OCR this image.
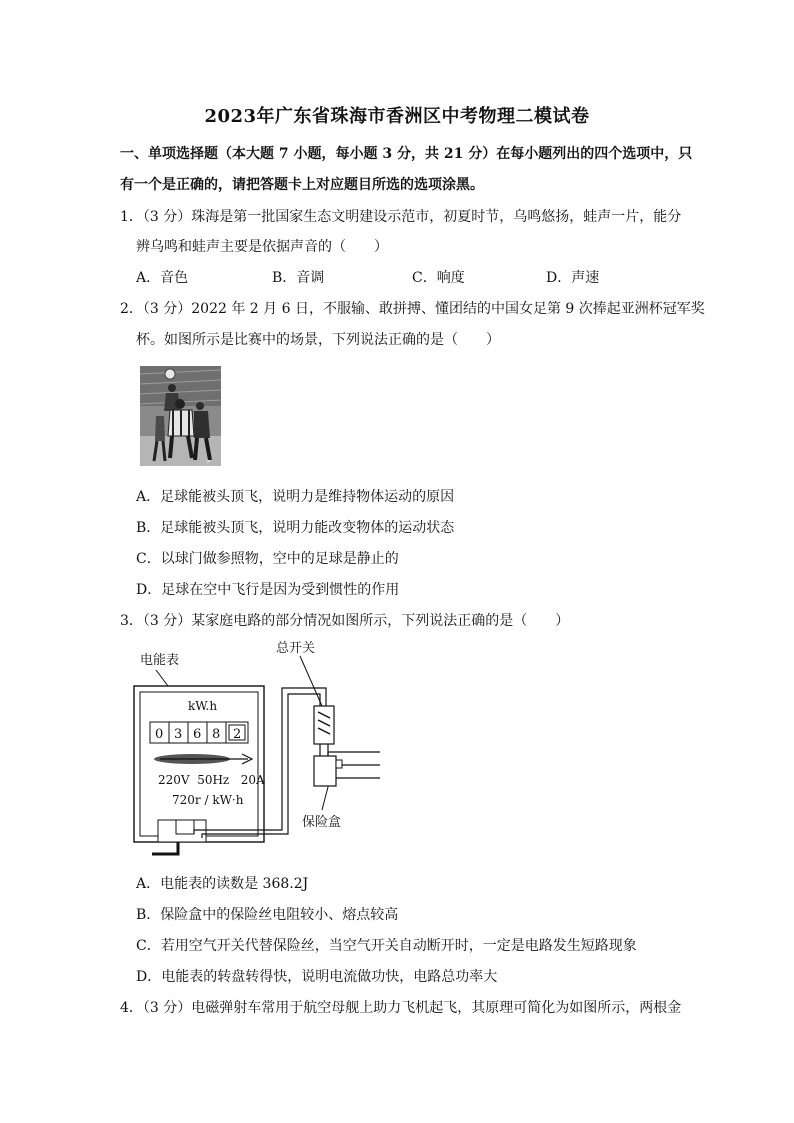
2023年广东省珠海市香洲区中考物理二模试卷
一、单项选择题（本大题 7 小题，每小题 3 分，共 21 分）在每小题列出的四个选项中，只
有一个是正确的，请把答题卡上对应题目所选的选项涂黑。
1．（3 分）珠海是第一批国家生态文明建设示范市，初夏时节，乌鸣悠扬，蛙声一片，能分
辨乌鸣和蛙声主要是依据声音的（　　）
A．音色	B．音调	C．响度	D．声速
2．（3 分）2022 年 2 月 6 日，不服输、敢拼搏、懂团结的中国女足第 9 次捧起亚洲杯冠军奖
杯。如图所示是比赛中的场景，下列说法正确的是（　　）
>
A．足球能被头顶飞，说明力是维持物体运动的原因
B．足球能被头顶飞，说明力能改变物体的运动状态
C．以球门做参照物，空中的足球是静止的
D．足球在空中飞行是因为受到惯性的作用
3．（3 分）某家庭电路的部分情况如图所示，下列说法正确的是（　　）
电能表
总开关
保险盒
kW.h
0 3 6 8 2
220V  50Hz   20A
720r / kW·h
A．电能表的读数是 368.2J
B．保险盒中的保险丝电阻较小、熔点较高
C．若用空气开关代替保险丝，当空气开关自动断开时，一定是电路发生短路现象
D．电能表的转盘转得快，说明电流做功快，电路总功率大
4．（3 分）电磁弹射车常用于航空母舰上助力飞机起飞，其原理可简化为如图所示，两根金
